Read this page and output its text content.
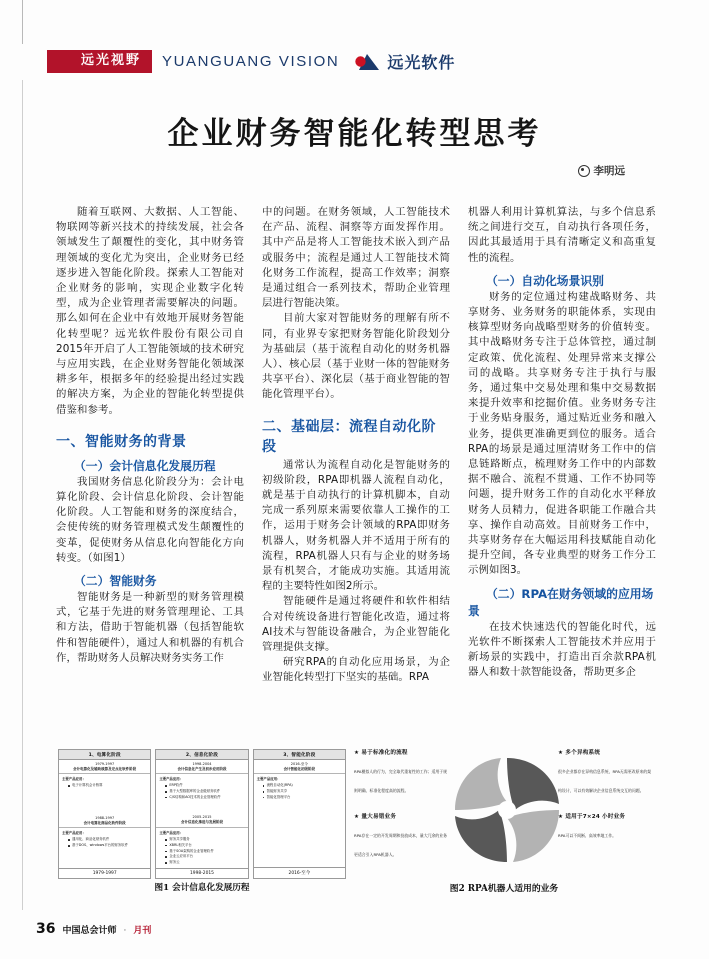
远光视野	YUANGUANG VISION	远光软件
企业财务智能化转型思考
李明远

随着互联网、大数据、人工智能、物联网等新兴技术的持续发展，社会各领域发生了颠覆性的变化，其中财务管理领域的变化尤为突出，企业财务已经逐步进入智能化阶段。探索人工智能对企业财务的影响，实现企业数字化转型，成为企业管理者需要解决的问题。那么如何在企业中有效地开展财务智能化转型呢？远光软件股份有限公司自2015年开启了人工智能领域的技术研究与应用实践，在企业财务智能化领域深耕多年，根据多年的经验提出经过实践的解决方案，为企业的智能化转型提供借鉴和参考。

一、智能财务的背景
（一）会计信息化发展历程

我国财务信息化阶段分为：会计电算化阶段、会计信息化阶段、会计智能化阶段。人工智能和财务的深度结合，会使传统的财务管理模式发生颠覆性的变革，促使财务从信息化向智能化方向转变。（如图1）

（二）智能财务

智能财务是一种新型的财务管理模式，它基于先进的财务管理理论、工具和方法，借助于智能机器（包括智能软件和智能硬件），通过人和机器的有机合作，帮助财务人员解决财务实务工作

中的问题。在财务领域，人工智能技术在产品、流程、洞察等方面发挥作用。其中产品是将人工智能技术嵌入到产品或服务中；流程是通过人工智能技术简化财务工作流程，提高工作效率；洞察是通过组合一系列技术，帮助企业管理层进行智能决策。

目前大家对智能财务的理解有所不同，有业界专家把财务智能化阶段划分为基础层（基于流程自动化的财务机器人）、核心层（基于业财一体的智能财务共享平台）、深化层（基于商业智能的智能化管理平台）。

二、基础层：流程自动化阶段

通常认为流程自动化是智能财务的初级阶段，RPA即机器人流程自动化，就是基于自动执行的计算机脚本，自动完成一系列原来需要依靠人工操作的工作，运用于财务会计领域的RPA即财务机器人，财务机器人并不适用于所有的流程，RPA机器人只有与企业的财务场景有机契合，才能成功实施。其适用流程的主要特性如图2所示。

智能硬件是通过将硬件和软件相结合对传统设备进行智能化改造，通过将AI技术与智能设备融合，为企业智能化管理提供支撑。

研究RPA的自动化应用场景，为企业智能化转型打下坚实的基础。RPA

机器人利用计算机算法，与多个信息系统之间进行交互，自动执行各项任务，因此其最适用于具有清晰定义和高重复性的流程。

（一）自动化场景识别

财务的定位通过构建战略财务、共享财务、业务财务的职能体系，实现由核算型财务向战略型财务的价值转变。其中战略财务专注于总体管控，通过制定政策、优化流程、处理异常来支撑公司的战略。共享财务专注于执行与服务，通过集中交易处理和集中交易数据来提升效率和挖掘价值。业务财务专注于业务贴身服务，通过贴近业务和融入业务，提供更准确更到位的服务。适合RPA的场景是通过厘清财务工作中的信息链路断点，梳理财务工作中的内部数据不融合、流程不贯通、工作不协同等问题，提升财务工作的自动化水平释放财务人员精力，促进各职能工作融合共享、操作自动高效。目前财务工作中，共享财务存在大幅运用科技赋能自动化提升空间，各专业典型的财务工作分工示例如图3。

（二）RPA在财务领域的应用场景

在技术快速迭代的智能化时代，远光软件不断探索人工智能技术并应用于新场景的实践中，打造出百余款RPA机器人和数十款智能设备，帮助更多企

1、电算化阶段
1979-1997
会计电算化及辅助核算及定点化软件阶段
主要产品应用：
电子计算机会计核算
1988-1997
会计电算化商品化软件阶段
主要产品应用：
通用化、商品化财务软件
基于DOS、windows平台的财务软件
1979-1997
2、信息化阶段
1998-2004
会计信息化产生及初步应用阶段
主要产品应用：
ERP软件
基于大型数据库的企业级财务软件
C/S结构和AO技术的企业管理软件
2005-2015
会计信息化推进与发展阶段
主要产品应用：
财务共享服务
XBRL相关平台
基于SOA架构的企业管理软件
企业云应用平台
财务云
1998-2015
3、智能化阶段
2016-至今
会计智能化初级阶段
主要产品应用：
流程自动化(RPA)
智能财务共享
智能化管理平台
2016-至今
图1 会计信息化发展历程
★ 易于标准化的流程
RPA模拟人的行为，完全取代重复性的工作；适用于规则明确、标准化程度高的流程。
★ 多个异构系统
很多企业都存在异构信息系统，RPA无需更改原来的架构设计，可以有效解决企业信息系统交互的问题。
★ 量大易错业务
RPA存在一定的开发周期和投放成本，量大冗余的业务更适合引入RPA机器人。
★ 适用于7×24 小时业务
RPA可以不间断、高效率地工作。
图2 RPA机器人适用的业务
36 中国总会计师 · 月刊
